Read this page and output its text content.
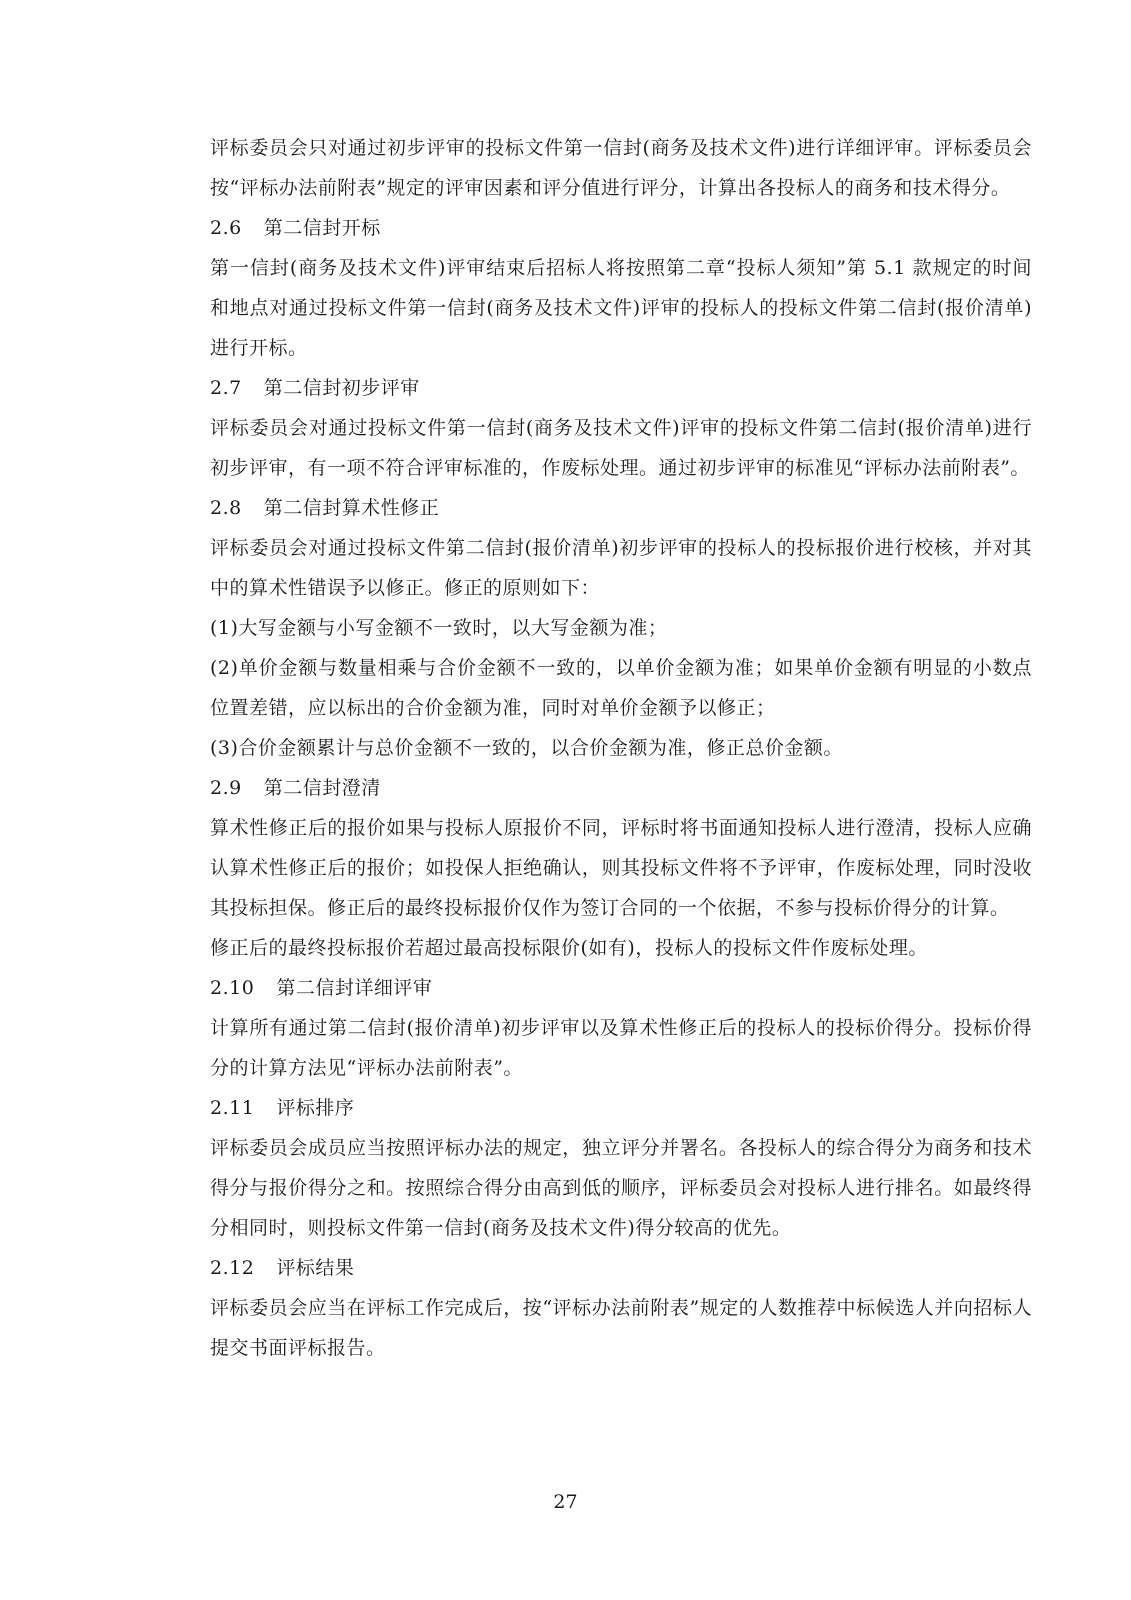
评标委员会只对通过初步评审的投标文件第一信封(商务及技术文件)进行详细评审。评标委员会按“评标办法前附表”规定的评审因素和评分值进行评分，计算出各投标人的商务和技术得分。

2.6 第二信封开标

第一信封(商务及技术文件)评审结束后招标人将按照第二章“投标人须知”第 5.1 款规定的时间和地点对通过投标文件第一信封(商务及技术文件)评审的投标人的投标文件第二信封(报价清单)进行开标。

2.7 第二信封初步评审

评标委员会对通过投标文件第一信封(商务及技术文件)评审的投标文件第二信封(报价清单)进行初步评审，有一项不符合评审标准的，作废标处理。通过初步评审的标准见“评标办法前附表”。

2.8 第二信封算术性修正

评标委员会对通过投标文件第二信封(报价清单)初步评审的投标人的投标报价进行校核，并对其中的算术性错误予以修正。修正的原则如下：

(1)大写金额与小写金额不一致时，以大写金额为准；

(2)单价金额与数量相乘与合价金额不一致的，以单价金额为准；如果单价金额有明显的小数点位置差错，应以标出的合价金额为准，同时对单价金额予以修正；

(3)合价金额累计与总价金额不一致的，以合价金额为准，修正总价金额。

2.9 第二信封澄清

算术性修正后的报价如果与投标人原报价不同，评标时将书面通知投标人进行澄清，投标人应确认算术性修正后的报价；如投保人拒绝确认，则其投标文件将不予评审，作废标处理，同时没收其投标担保。修正后的最终投标报价仅作为签订合同的一个依据，不参与投标价得分的计算。

修正后的最终投标报价若超过最高投标限价(如有)，投标人的投标文件作废标处理。

2.10 第二信封详细评审

计算所有通过第二信封(报价清单)初步评审以及算术性修正后的投标人的投标价得分。投标价得分的计算方法见“评标办法前附表”。

2.11 评标排序

评标委员会成员应当按照评标办法的规定，独立评分并署名。各投标人的综合得分为商务和技术得分与报价得分之和。按照综合得分由高到低的顺序，评标委员会对投标人进行排名。如最终得分相同时，则投标文件第一信封(商务及技术文件)得分较高的优先。

2.12 评标结果

评标委员会应当在评标工作完成后，按“评标办法前附表”规定的人数推荐中标候选人并向招标人提交书面评标报告。

27
